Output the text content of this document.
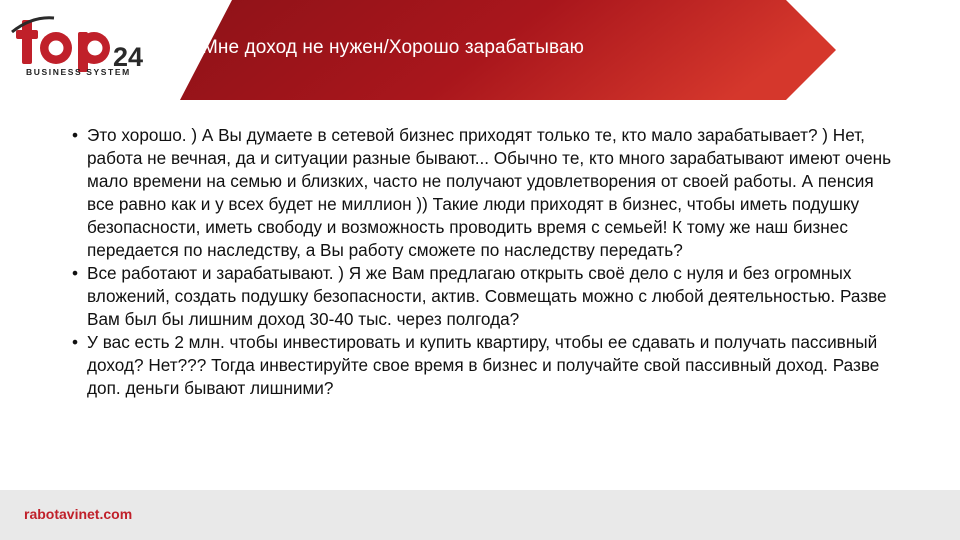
Мне доход не нужен/Хорошо зарабатываю
24
BUSINESS SYSTEM
• Это хорошо. ) А Вы думаете в сетевой бизнес приходят только те, кто мало зарабатывает? ) Нет, работа не вечная, да и ситуации разные бывают... Обычно те, кто много зарабатывают имеют очень мало времени на семью и близких, часто не получают удовлетворения от своей работы. А пенсия все равно как и у всех будет не миллион )) Такие люди приходят в бизнес, чтобы иметь подушку безопасности, иметь свободу и возможность проводить время с семьей! К тому же наш бизнес передается по наследству, а Вы работу сможете по наследству передать?
• Все работают и зарабатывают. ) Я же Вам предлагаю открыть своё дело с нуля и без огромных вложений, создать подушку безопасности, актив. Совмещать можно с любой деятельностью. Разве Вам был бы лишним доход 30-40 тыс. через полгода?
• У вас есть 2 млн. чтобы инвестировать и купить квартиру, чтобы ее сдавать и получать пассивный доход? Нет??? Тогда инвестируйте свое время в бизнес и получайте свой пассивный доход. Разве доп. деньги бывают лишними?
rabotavinet.com
